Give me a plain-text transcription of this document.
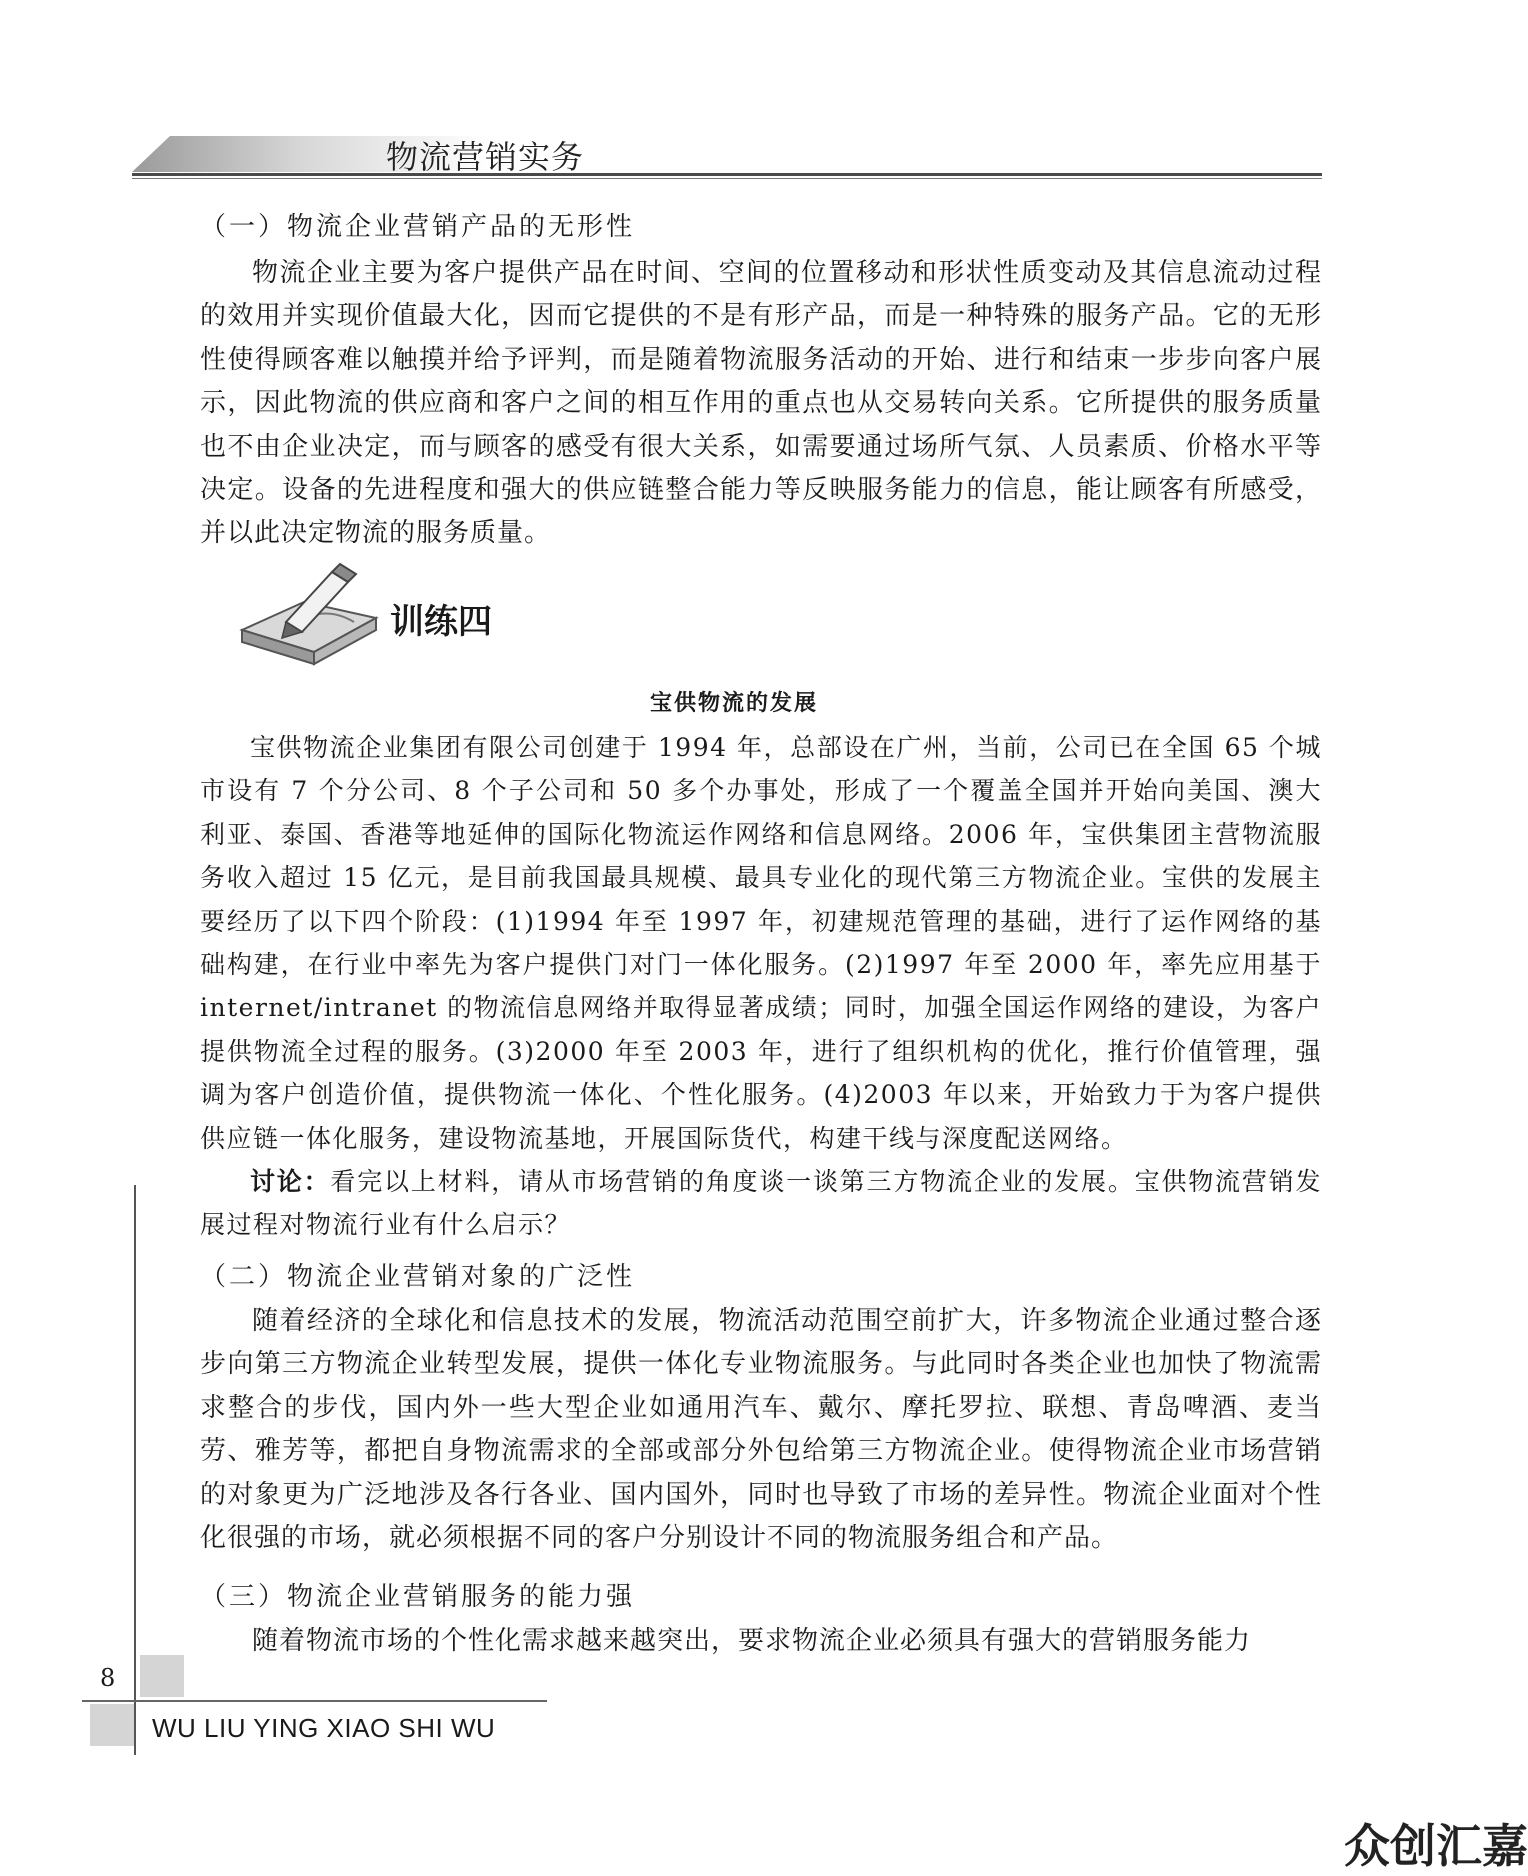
物流营销实务
（一）物流企业营销产品的无形性

物流企业主要为客户提供产品在时间、空间的位置移动和形状性质变动及其信息流动过程的效用并实现价值最大化，因而它提供的不是有形产品，而是一种特殊的服务产品。它的无形性使得顾客难以触摸并给予评判，而是随着物流服务活动的开始、进行和结束一步步向客户展示，因此物流的供应商和客户之间的相互作用的重点也从交易转向关系。它所提供的服务质量也不由企业决定，而与顾客的感受有很大关系，如需要通过场所气氛、人员素质、价格水平等决定。设备的先进程度和强大的供应链整合能力等反映服务能力的信息，能让顾客有所感受，并以此决定物流的服务质量。

训练四
宝供物流的发展

宝供物流企业集团有限公司创建于 1994 年，总部设在广州，当前，公司已在全国 65 个城市设有 7 个分公司、8 个子公司和 50 多个办事处，形成了一个覆盖全国并开始向美国、澳大利亚、泰国、香港等地延伸的国际化物流运作网络和信息网络。2006 年，宝供集团主营物流服务收入超过 15 亿元，是目前我国最具规模、最具专业化的现代第三方物流企业。宝供的发展主要经历了以下四个阶段：(1)1994 年至 1997 年，初建规范管理的基础，进行了运作网络的基础构建，在行业中率先为客户提供门对门一体化服务。(2)1997 年至 2000 年，率先应用基于 internet/intranet 的物流信息网络并取得显著成绩；同时，加强全国运作网络的建设，为客户提供物流全过程的服务。(3)2000 年至 2003 年，进行了组织机构的优化，推行价值管理，强调为客户创造价值，提供物流一体化、个性化服务。(4)2003 年以来，开始致力于为客户提供供应链一体化服务，建设物流基地，开展国际货代，构建干线与深度配送网络。

讨论：看完以上材料，请从市场营销的角度谈一谈第三方物流企业的发展。宝供物流营销发展过程对物流行业有什么启示？

（二）物流企业营销对象的广泛性

随着经济的全球化和信息技术的发展，物流活动范围空前扩大，许多物流企业通过整合逐步向第三方物流企业转型发展，提供一体化专业物流服务。与此同时各类企业也加快了物流需求整合的步伐，国内外一些大型企业如通用汽车、戴尔、摩托罗拉、联想、青岛啤酒、麦当劳、雅芳等，都把自身物流需求的全部或部分外包给第三方物流企业。使得物流企业市场营销的对象更为广泛地涉及各行各业、国内国外，同时也导致了市场的差异性。物流企业面对个性化很强的市场，就必须根据不同的客户分别设计不同的物流服务组合和产品。

（三）物流企业营销服务的能力强

随着物流市场的个性化需求越来越突出，要求物流企业必须具有强大的营销服务能力

8
WU LIU YING XIAO SHI WU
众创汇嘉
